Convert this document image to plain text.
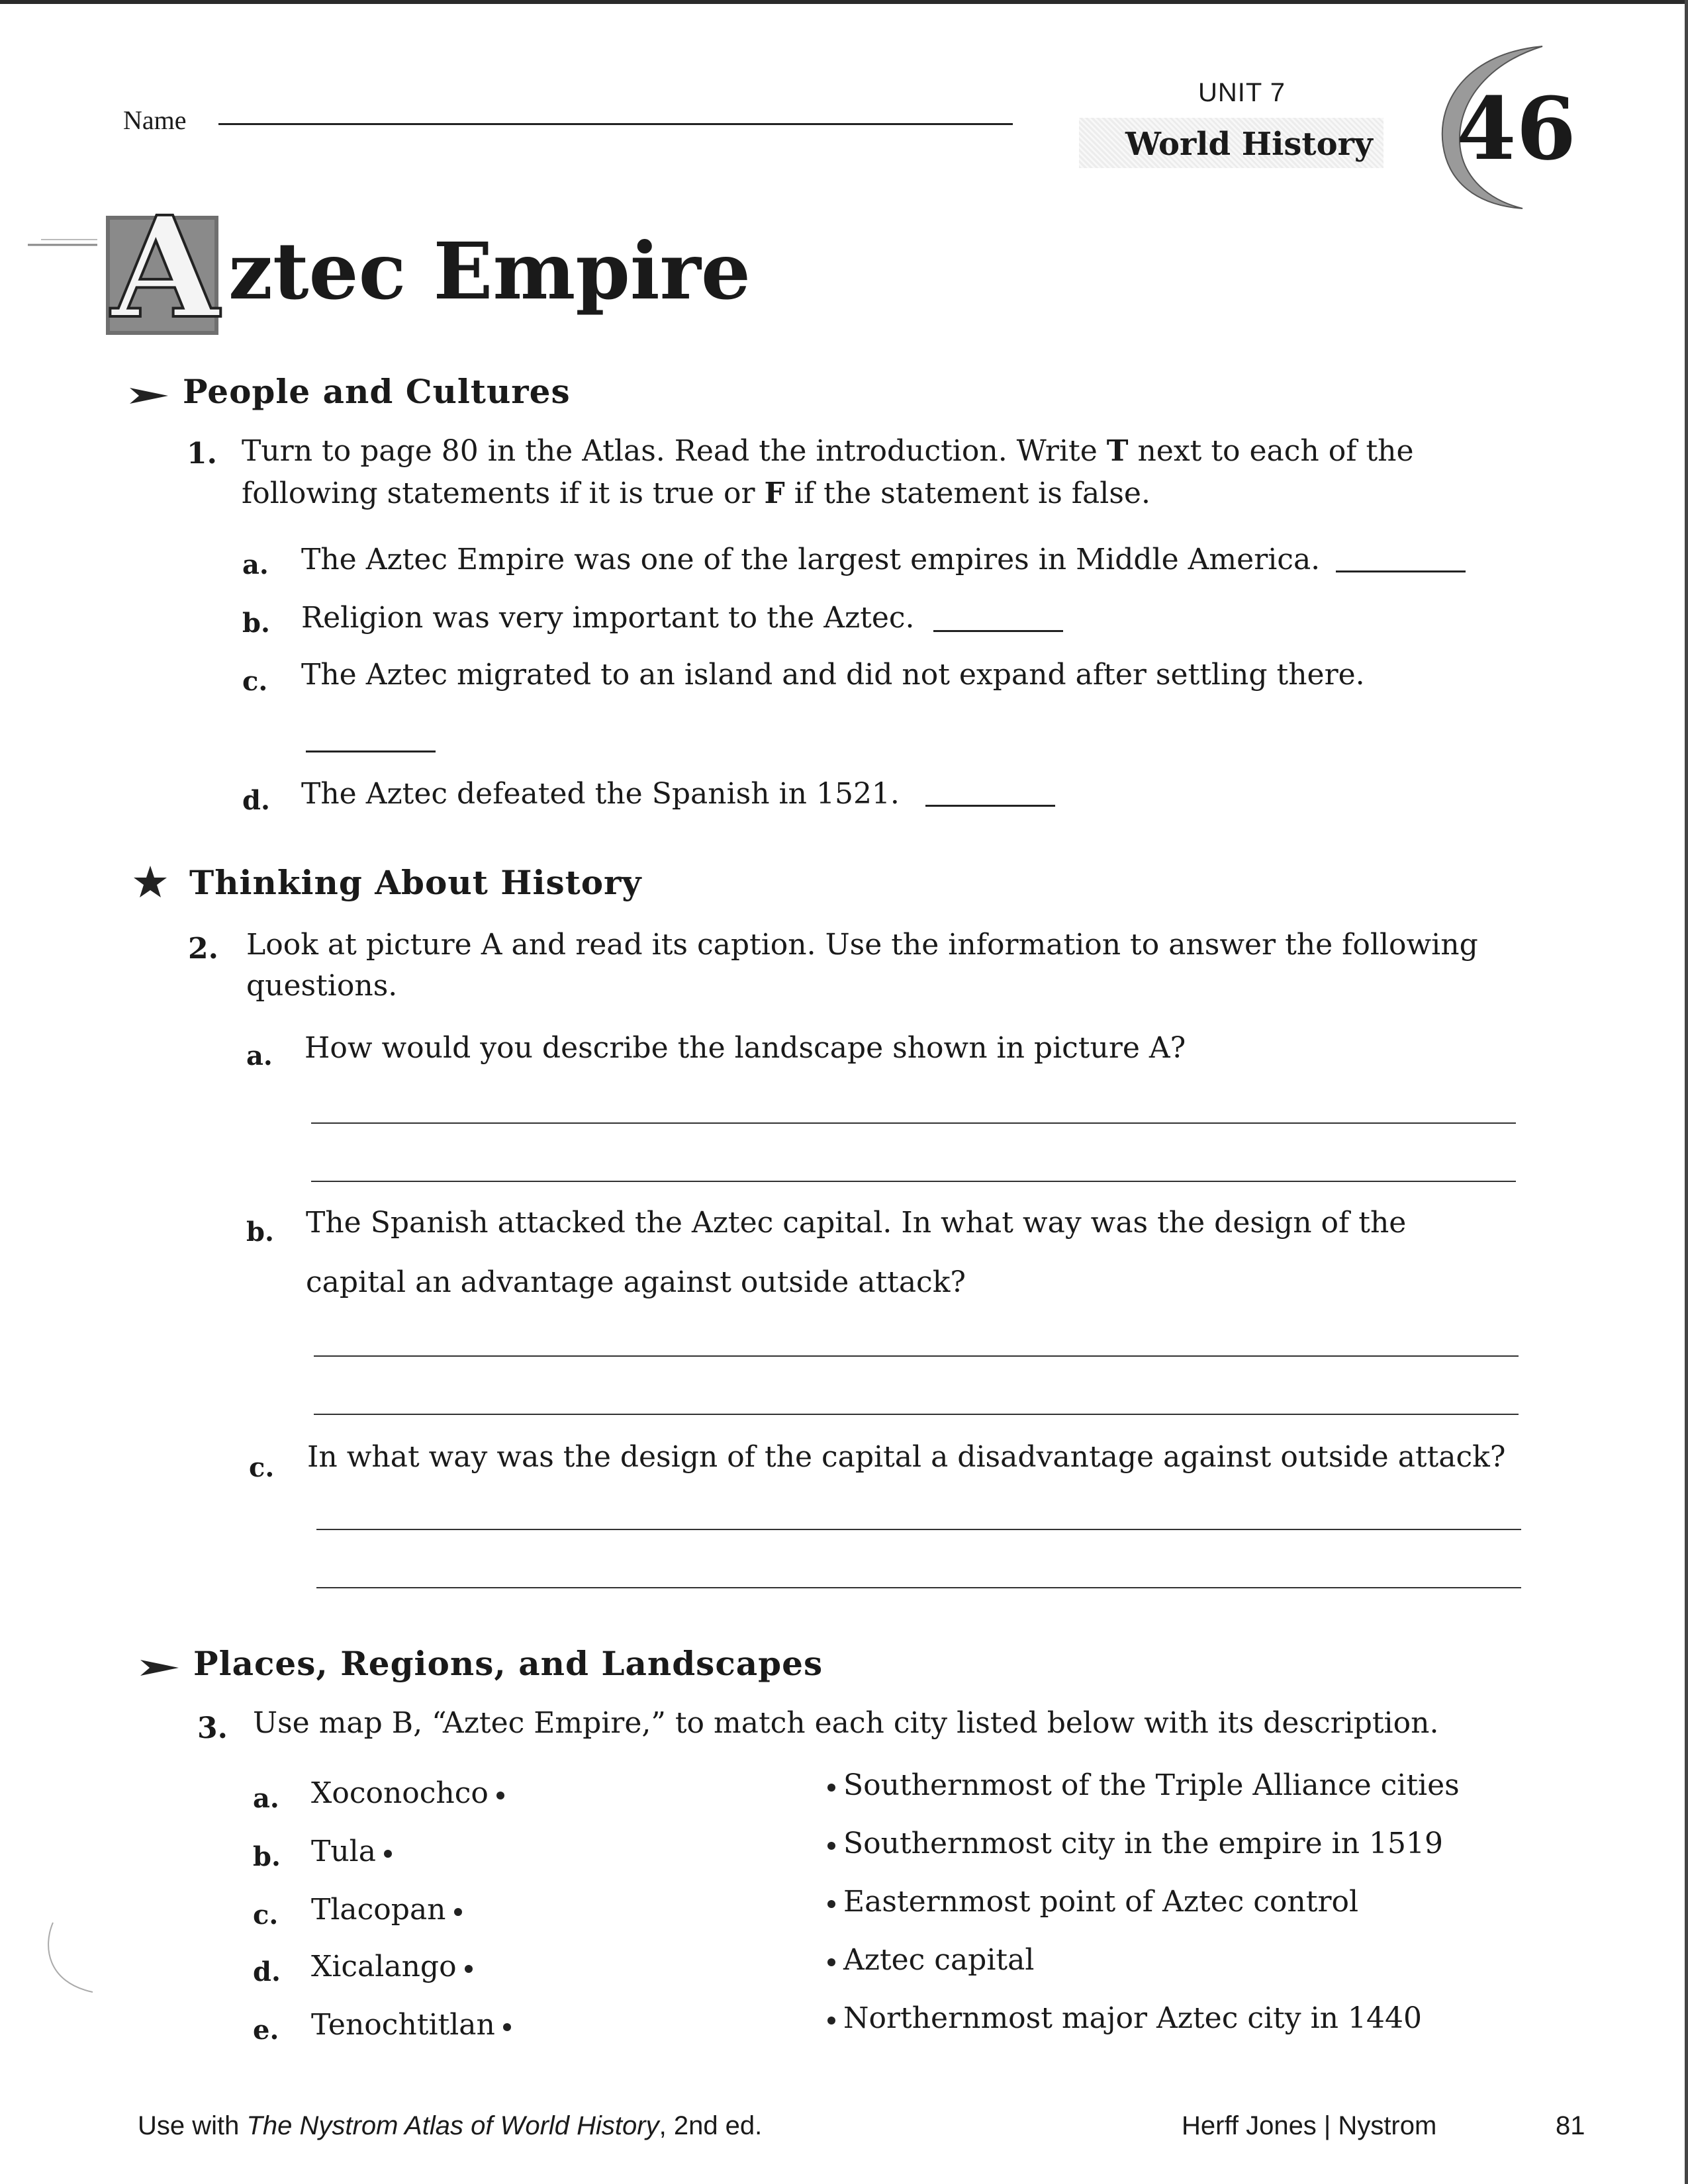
Name
UNIT 7
World History 46
A ztec Empire
People and Cultures
1. Turn to page 80 in the Atlas. Read the introduction. Write T next to each of the
following statements if it is true or F if the statement is false.
a. The Aztec Empire was one of the largest empires in Middle America.
b. Religion was very important to the Aztec.
c. The Aztec migrated to an island and did not expand after settling there.
d. The Aztec defeated the Spanish in 1521.
Thinking About History
2. Look at picture A and read its caption. Use the information to answer the following
questions.
a. How would you describe the landscape shown in picture A?
b. The Spanish attacked the Aztec capital. In what way was the design of the
capital an advantage against outside attack?
c. In what way was the design of the capital a disadvantage against outside attack?
Places, Regions, and Landscapes
3. Use map B, “Aztec Empire,” to match each city listed below with its description.
a. Xoconochco
b. Tula
c. Tlacopan
d. Xicalango
e. Tenochtitlan
Southernmost of the Triple Alliance cities
Southernmost city in the empire in 1519
Easternmost point of Aztec control
Aztec capital
Northernmost major Aztec city in 1440
Use with The Nystrom Atlas of World History, 2nd ed.	Herff Jones | Nystrom	81
